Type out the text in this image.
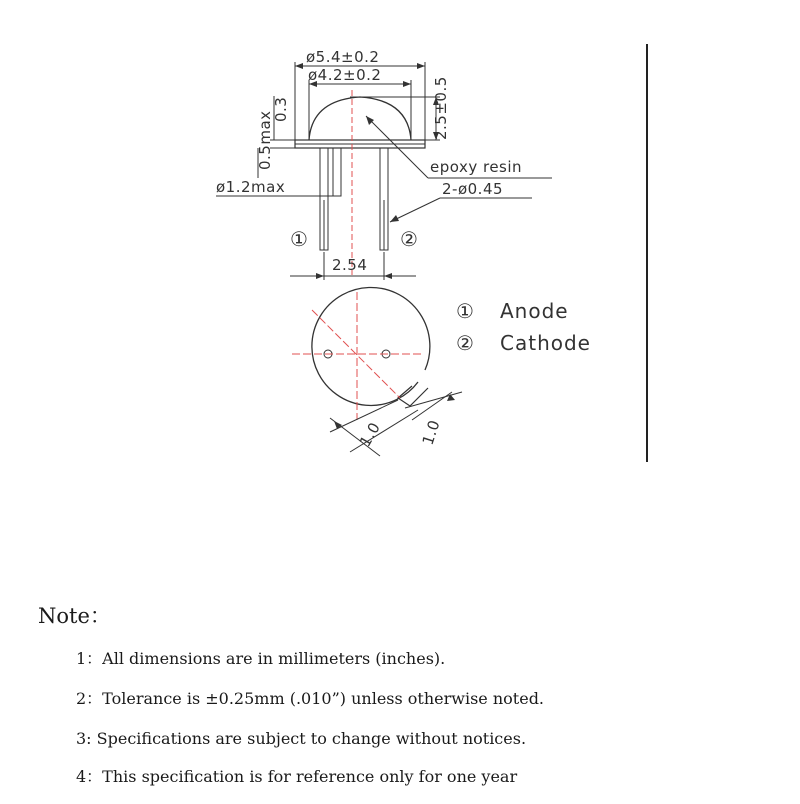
ø5.4±0.2
ø4.2±0.2
2.5±0.5
0.3
0.5max
ø1.2max
epoxy resin
2-ø0.45
2.54
①	②
1.0 1.0
① Anode
② Cathode
Note：
1：All dimensions are in millimeters (inches).
2：Tolerance is ±0.25mm (.010”) unless otherwise noted.
3: Specifications are subject to change without notices.
4：This specification is for reference only for one year
